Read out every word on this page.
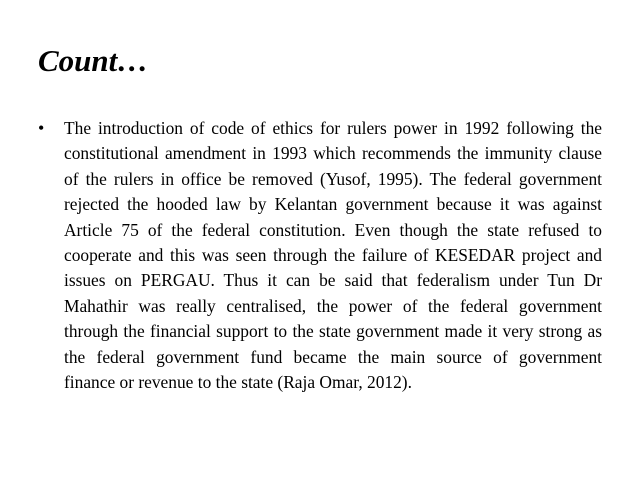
Count…
• The introduction of code of ethics for rulers power in 1992 following the
constitutional amendment in 1993 which recommends the immunity clause
of the rulers in office be removed (Yusof, 1995). The federal government
rejected the hooded law by Kelantan government because it was against
Article 75 of the federal constitution. Even though the state refused to
cooperate and this was seen through the failure of KESEDAR project and
issues on PERGAU. Thus it can be said that federalism under Tun Dr
Mahathir was really centralised, the power of the federal government
through the financial support to the state government made it very strong as
the federal government fund became the main source of government
finance or revenue to the state (Raja Omar, 2012).
